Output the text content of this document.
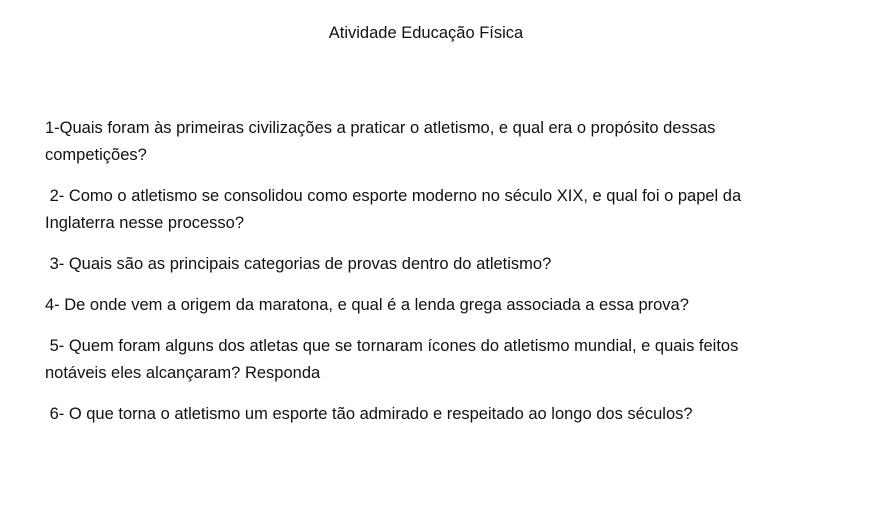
Atividade Educação Física
1-Quais foram às primeiras civilizações a praticar o atletismo, e qual era o propósito dessas
competições?
2- Como o atletismo se consolidou como esporte moderno no século XIX, e qual foi o papel da
Inglaterra nesse processo?
3- Quais são as principais categorias de provas dentro do atletismo?
4- De onde vem a origem da maratona, e qual é a lenda grega associada a essa prova?
5- Quem foram alguns dos atletas que se tornaram ícones do atletismo mundial, e quais feitos
notáveis eles alcançaram? Responda
6- O que torna o atletismo um esporte tão admirado e respeitado ao longo dos séculos?
